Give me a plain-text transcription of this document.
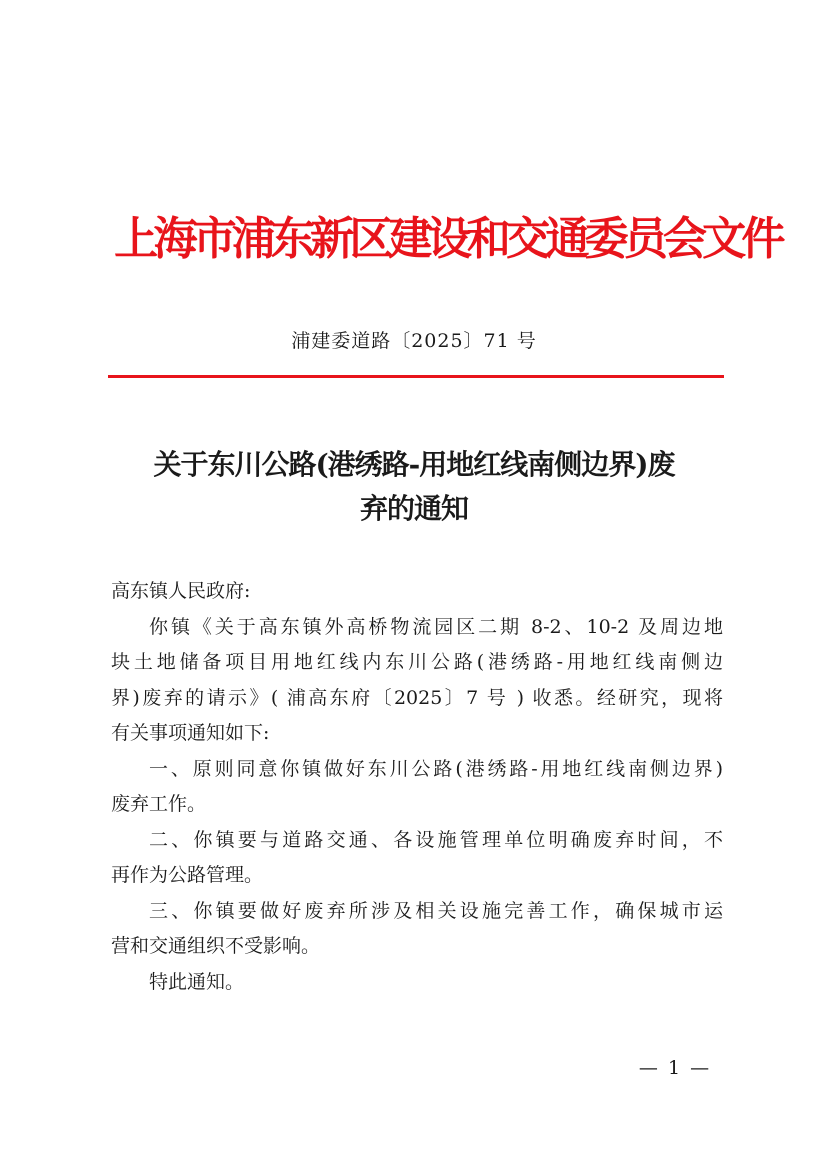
上海市浦东新区建设和交通委员会文件
浦建委道路〔2025〕71 号
关于东川公路(港绣路-用地红线南侧边界)废
弃的通知

高东镇人民政府:

你镇《关于高东镇外高桥物流园区二期 8-2、10-2 及周边地
块土地储备项目用地红线内东川公路(港绣路-用地红线南侧边
界)废弃的请示》( 浦高东府〔2025〕7 号 ) 收悉。经研究，现将
有关事项通知如下:

一、原则同意你镇做好东川公路(港绣路-用地红线南侧边界)
废弃工作。

二、你镇要与道路交通、各设施管理单位明确废弃时间，不
再作为公路管理。

三、你镇要做好废弃所涉及相关设施完善工作，确保城市运
营和交通组织不受影响。

特此通知。

— 1 —
